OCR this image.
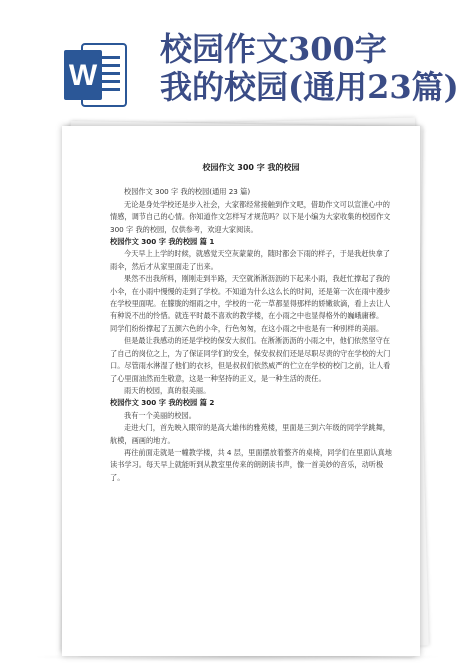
W
校园作文300字
我的校园(通用23篇)
校园作文 300 字 我的校园

校园作文 300 字 我的校园(通用 23 篇)

无论是身处学校还是步入社会，大家都经常接触到作文吧，借助作文可以宣泄心中的情感，调节自己的心情。你知道作文怎样写才规范吗？以下是小编为大家收集的校园作文 300 字 我的校园，仅供参考，欢迎大家阅读。

校园作文 300 字 我的校园 篇 1

今天早上上学的时候，就感觉天空灰蒙蒙的，随时都会下雨的样子，于是我赶快拿了雨伞，然后才从家里面走了出来。

果然不出我所料，刚刚走到半路，天空就淅淅沥沥的下起来小雨，我赶忙撑起了我的小伞，在小雨中慢慢的走到了学校。不知道为什么这么长的时间，还是第一次在雨中漫步在学校里面呢。在朦胧的细雨之中，学校的一花一草都显得那样的娇嫩欲滴，看上去让人有种说不出的怜惜。就连平时最不喜欢的教学楼，在小雨之中也显得格外的巍峨庸穆。 同学们纷纷撑起了五颜六色的小伞，行色匆匆，在这小雨之中也是有一种别样的美丽。

但是最让我感动的还是学校的保安大叔们。在淅淅沥沥的小雨之中，他们依然坚守在了自己的岗位之上，为了保证同学们的安全，保安叔叔们还是尽职尽责的守在学校的大门口。尽管雨水淋湿了他们的衣衫，但是叔叔们依然威严的伫立在学校的校门之前，让人看了心里面油然而生敬意，这是一种坚持的正义，是一种生活的责任。

雨天的校园，真的很美丽。

校园作文 300 字 我的校园 篇 2

我有一个美丽的校园。

走进大门，首先映入眼帘的是高大雄伟的雅苑楼，里面是三到六年级的同学学跳舞，航模，画画的地方。

再往前面走就是一幢教学楼，共 4 层，里面摆放着整齐的桌椅，同学们在里面认真地读书学习。每天早上就能听到从教室里传来的朗朗读书声，像一首美妙的音乐，动听极了。
